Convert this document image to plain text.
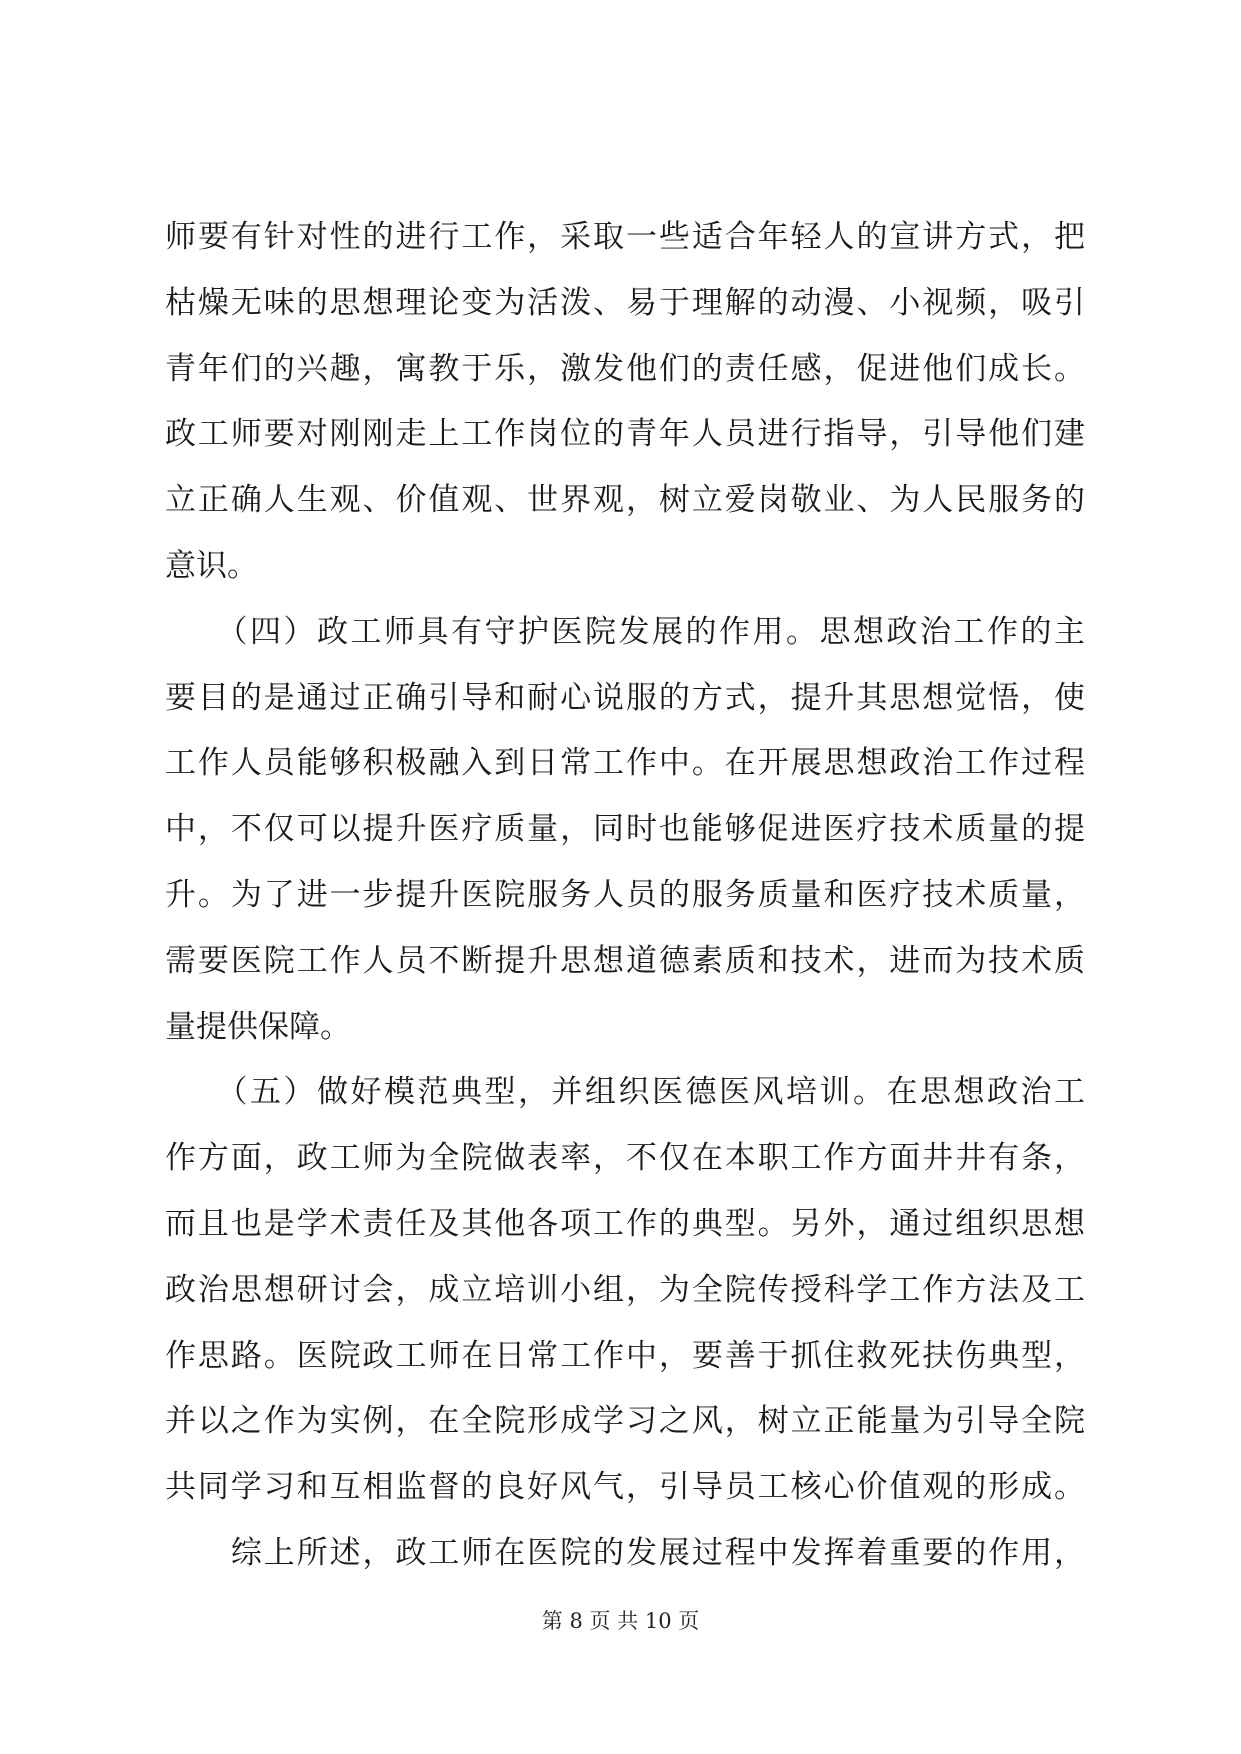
师要有针对性的进行工作，采取一些适合年轻人的宣讲方式，把
枯燥无味的思想理论变为活泼、易于理解的动漫、小视频，吸引
青年们的兴趣，寓教于乐，激发他们的责任感，促进他们成长。
政工师要对刚刚走上工作岗位的青年人员进行指导，引导他们建
立正确人生观、价值观、世界观，树立爱岗敬业、为人民服务的
意识。
　　（四）政工师具有守护医院发展的作用。思想政治工作的主
要目的是通过正确引导和耐心说服的方式，提升其思想觉悟，使
工作人员能够积极融入到日常工作中。在开展思想政治工作过程
中，不仅可以提升医疗质量，同时也能够促进医疗技术质量的提
升。为了进一步提升医院服务人员的服务质量和医疗技术质量，
需要医院工作人员不断提升思想道德素质和技术，进而为技术质
量提供保障。
　　（五）做好模范典型，并组织医德医风培训。在思想政治工
作方面，政工师为全院做表率，不仅在本职工作方面井井有条，
而且也是学术责任及其他各项工作的典型。另外，通过组织思想
政治思想研讨会，成立培训小组，为全院传授科学工作方法及工
作思路。医院政工师在日常工作中，要善于抓住救死扶伤典型，
并以之作为实例，在全院形成学习之风，树立正能量为引导全院
共同学习和互相监督的良好风气，引导员工核心价值观的形成。
　　综上所述，政工师在医院的发展过程中发挥着重要的作用，
第 8 页 共 10 页
